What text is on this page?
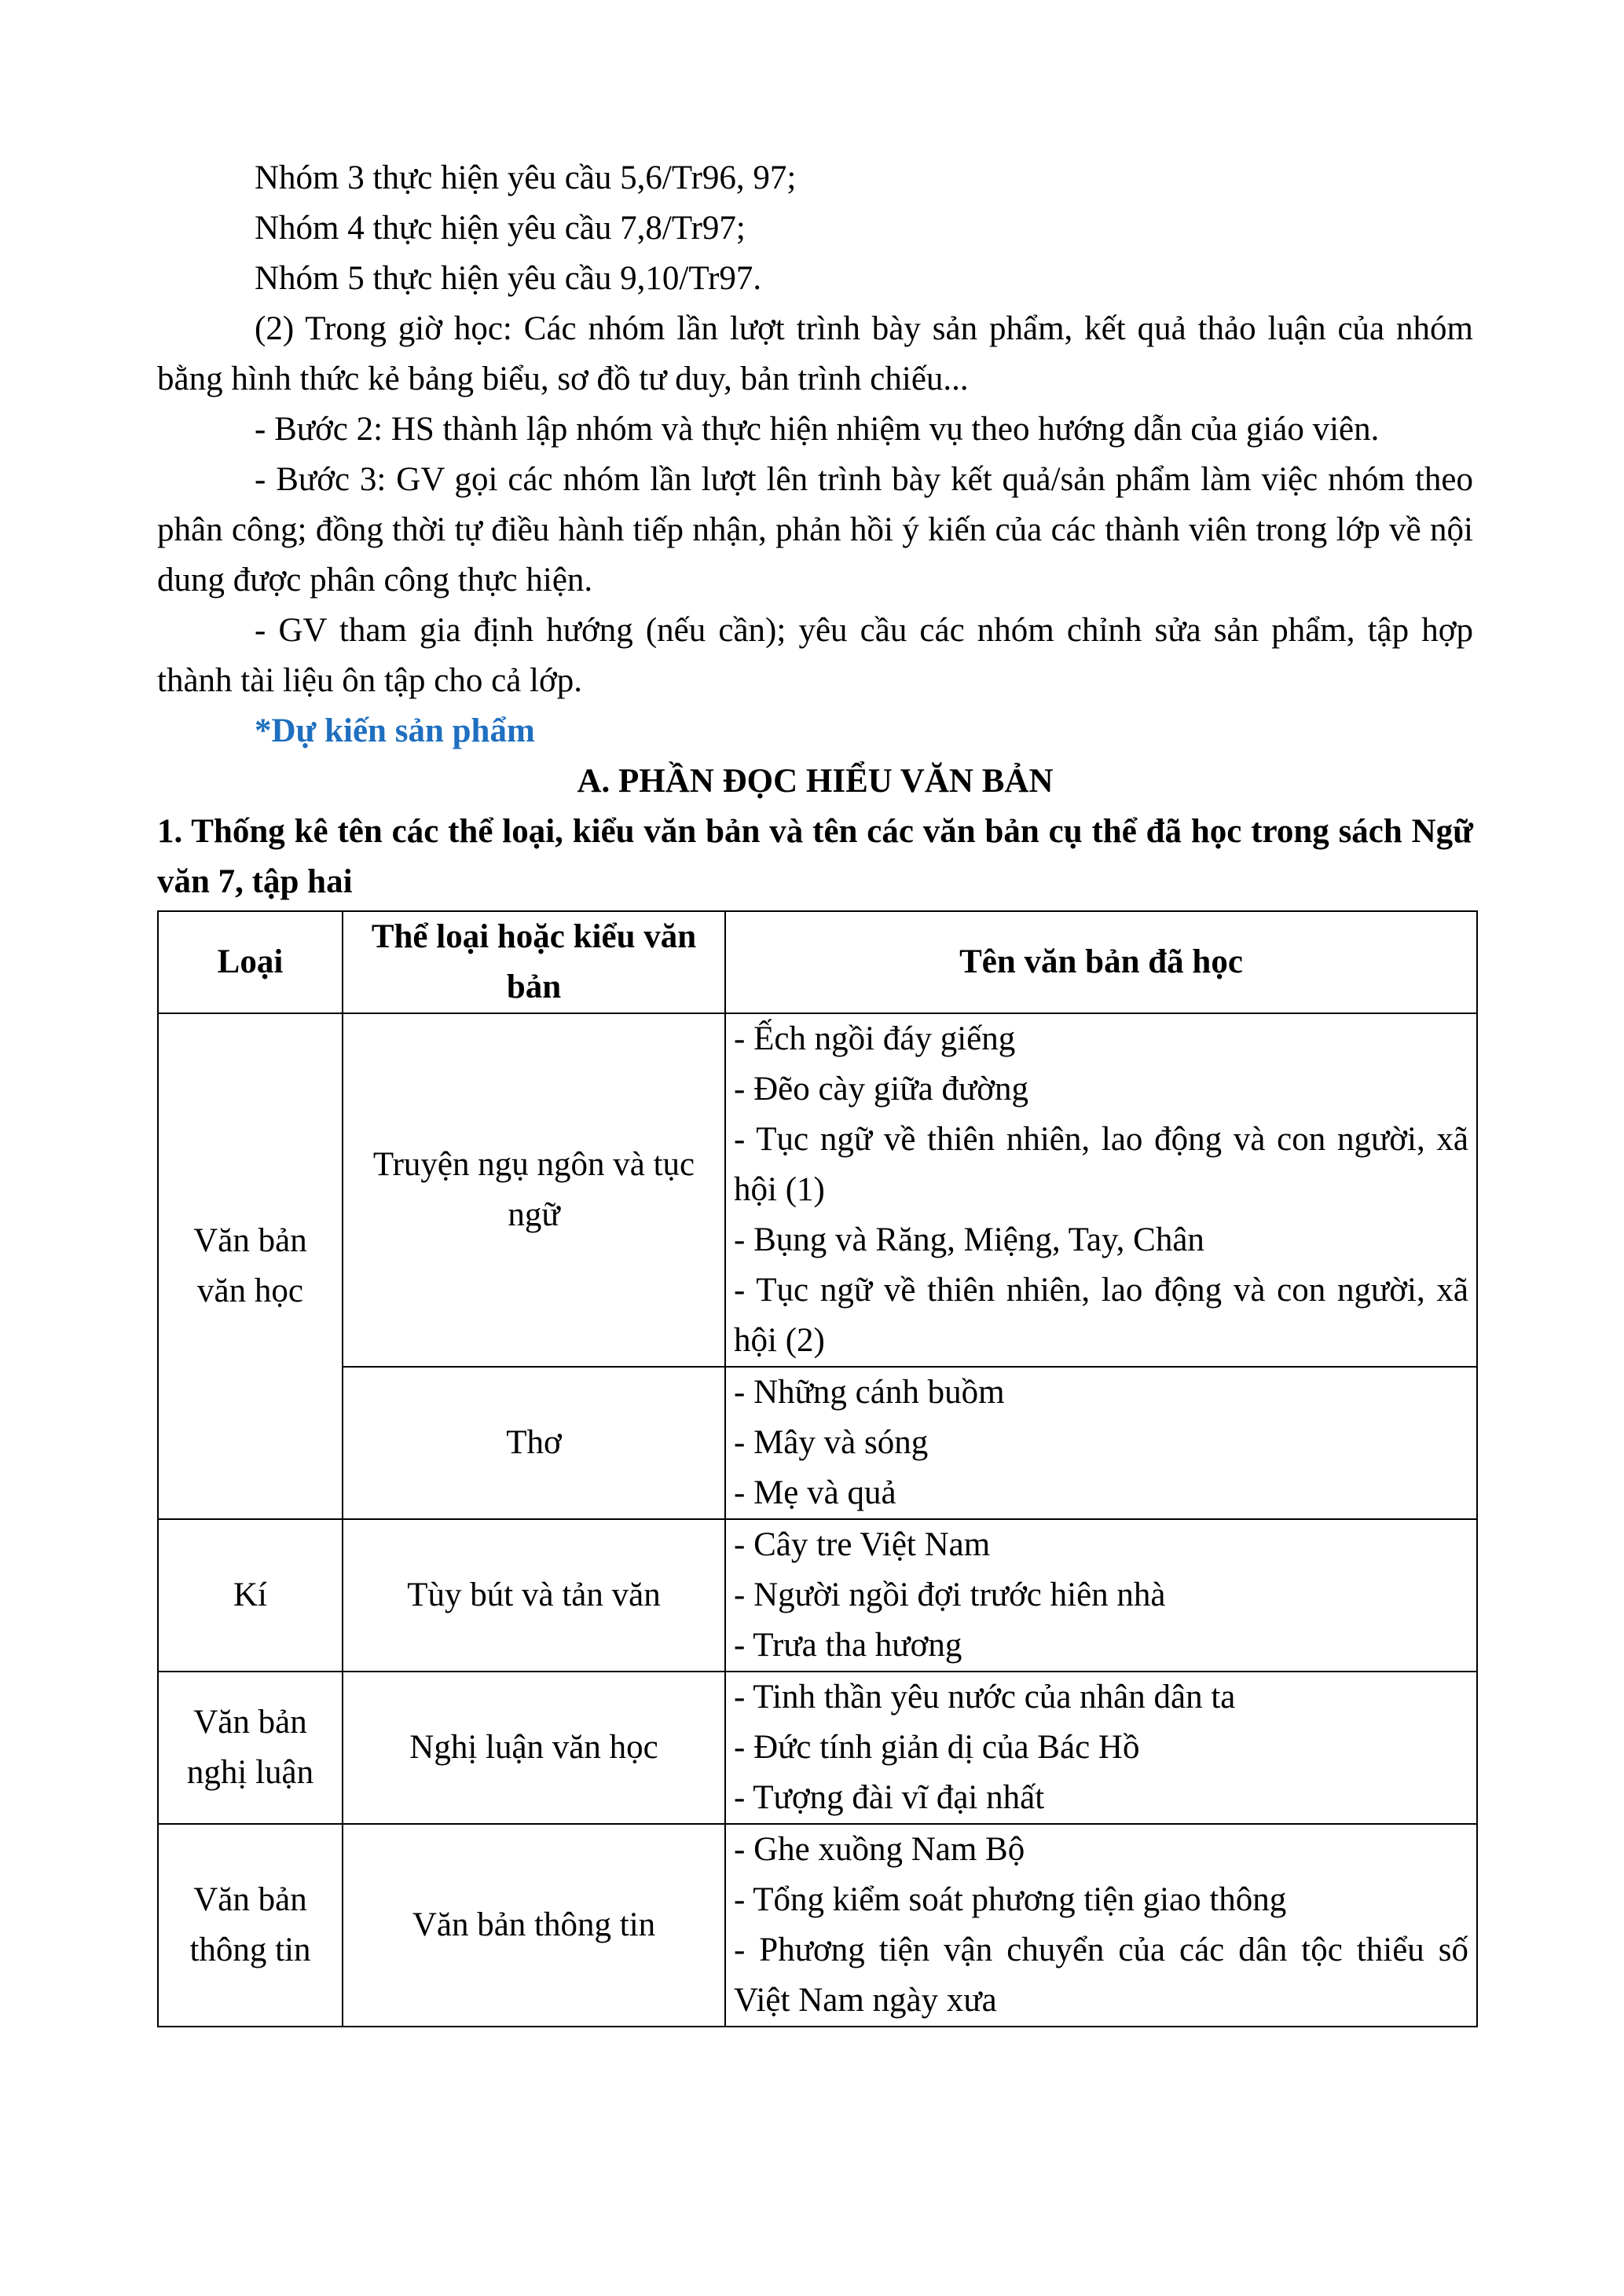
Nhóm 3 thực hiện yêu cầu 5,6/Tr96, 97;

Nhóm 4 thực hiện yêu cầu 7,8/Tr97;

Nhóm 5 thực hiện yêu cầu 9,10/Tr97.

(2) Trong giờ học: Các nhóm lần lượt trình bày sản phẩm, kết quả thảo luận của nhóm bằng hình thức kẻ bảng biểu, sơ đồ tư duy, bản trình chiếu...

- Bước 2: HS thành lập nhóm và thực hiện nhiệm vụ theo hướng dẫn của giáo viên.

- Bước 3: GV gọi các nhóm lần lượt lên trình bày kết quả/sản phẩm làm việc nhóm theo phân công; đồng thời tự điều hành tiếp nhận, phản hồi ý kiến của các thành viên trong lớp về nội dung được phân công thực hiện.

- GV tham gia định hướng (nếu cần); yêu cầu các nhóm chỉnh sửa sản phẩm, tập hợp thành tài liệu ôn tập cho cả lớp.

*Dự kiến sản phẩm

A. PHẦN ĐỌC HIỂU VĂN BẢN

1. Thống kê tên các thể loại, kiểu văn bản và tên các văn bản cụ thể đã học trong sách Ngữ văn 7, tập hai

Loại	Thể loại hoặc kiểu văn bản	Tên văn bản đã học
Văn bản văn học	Truyện ngụ ngôn và tục ngữ	- Ếch ngồi đáy giếng
- Đẽo cày giữa đường
- Tục ngữ về thiên nhiên, lao động và con người, xã hội (1)
- Bụng và Răng, Miệng, Tay, Chân
- Tục ngữ về thiên nhiên, lao động và con người, xã hội (2)

	Thơ	- Những cánh buồm
- Mây và sóng
- Mẹ và quả

Kí	Tùy bút và tản văn	- Cây tre Việt Nam
- Người ngồi đợi trước hiên nhà
- Trưa tha hương

Văn bản nghị luận	Nghị luận văn học	- Tinh thần yêu nước của nhân dân ta
- Đức tính giản dị của Bác Hồ
- Tượng đài vĩ đại nhất

Văn bản thông tin	Văn bản thông tin	- Ghe xuồng Nam Bộ
- Tổng kiểm soát phương tiện giao thông
- Phương tiện vận chuyển của các dân tộc thiểu số Việt Nam ngày xưa
